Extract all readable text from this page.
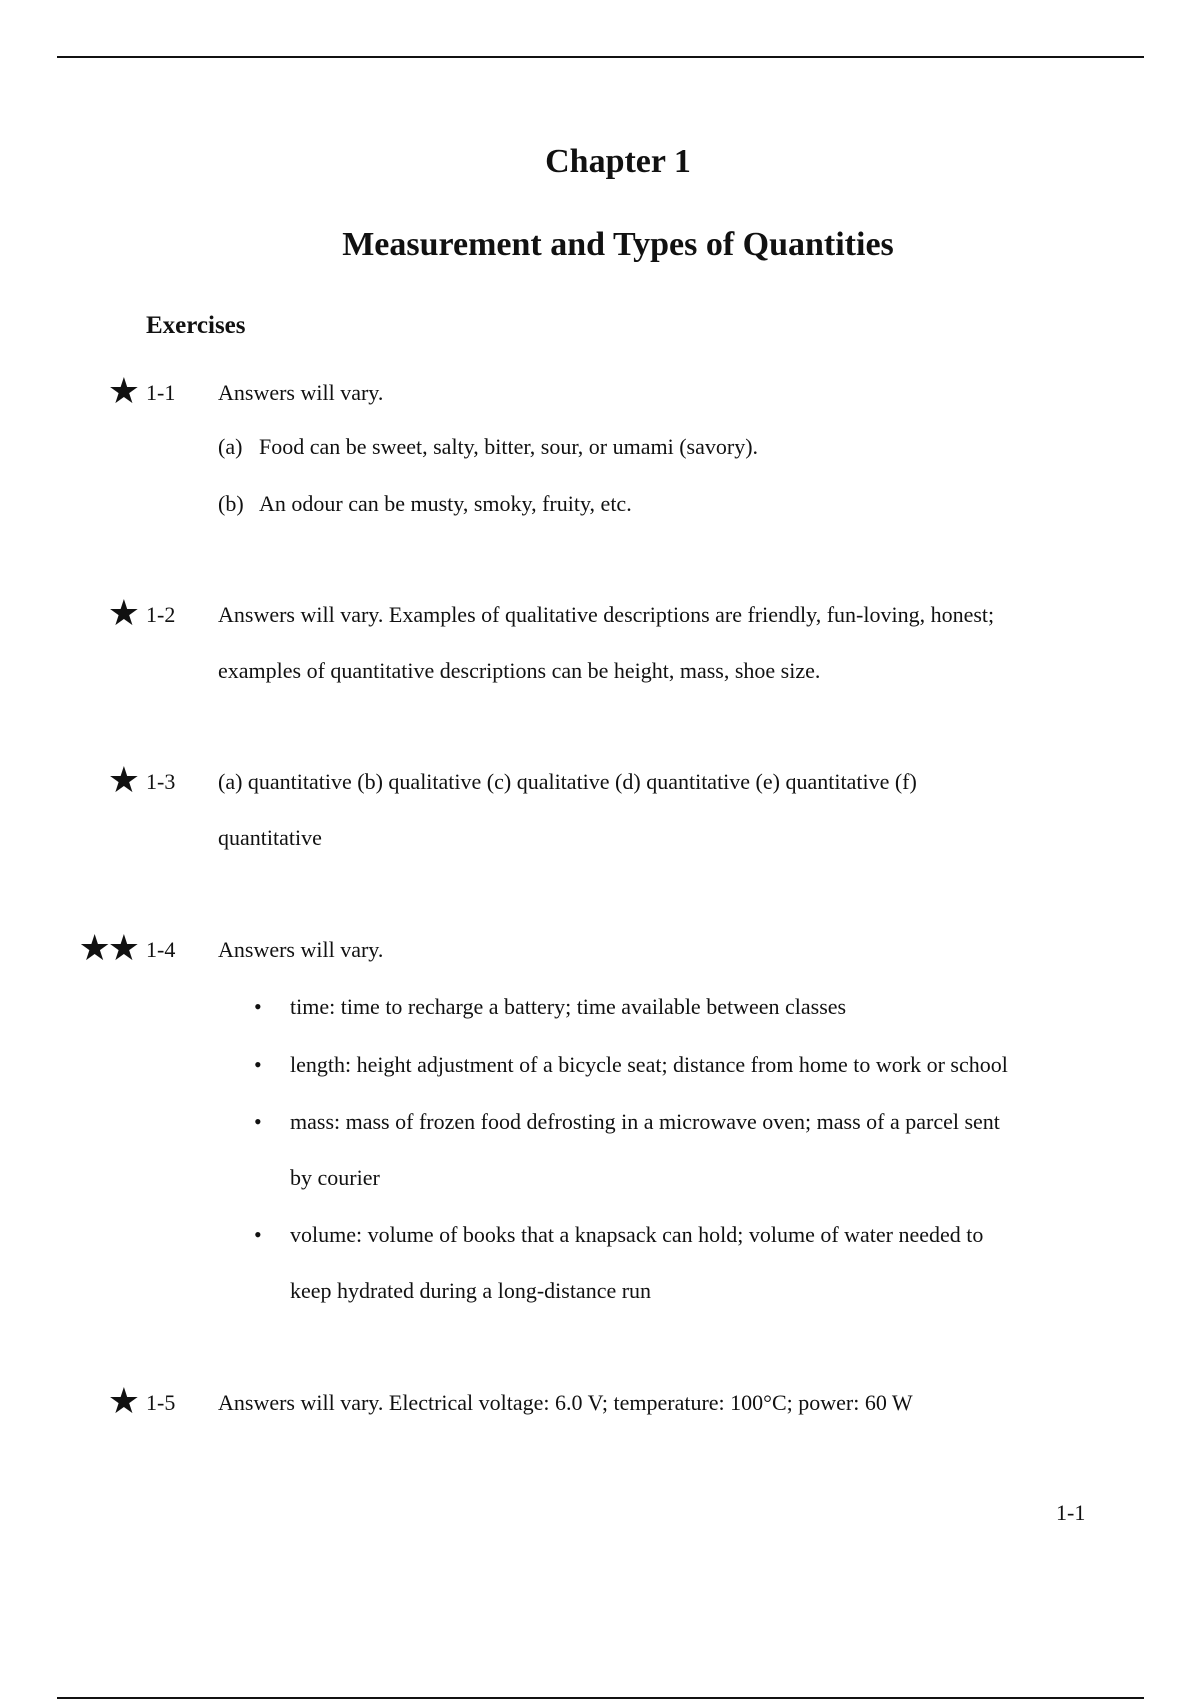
Chapter 1
Measurement and Types of Quantities
Exercises
★ 1-1 Answers will vary.
(a) Food can be sweet, salty, bitter, sour, or umami (savory).
(b) An odour can be musty, smoky, fruity, etc.
★ 1-2 Answers will vary. Examples of qualitative descriptions are friendly, fun-loving, honest;
examples of quantitative descriptions can be height, mass, shoe size.
★ 1-3 (a) quantitative (b) qualitative (c) qualitative (d) quantitative (e) quantitative (f)
quantitative
★★ 1-4 Answers will vary.
• time: time to recharge a battery; time available between classes
• length: height adjustment of a bicycle seat; distance from home to work or school
• mass: mass of frozen food defrosting in a microwave oven; mass of a parcel sent
by courier
• volume: volume of books that a knapsack can hold; volume of water needed to
keep hydrated during a long-distance run
★ 1-5 Answers will vary. Electrical voltage: 6.0 V; temperature: 100°C; power: 60 W
1-1
